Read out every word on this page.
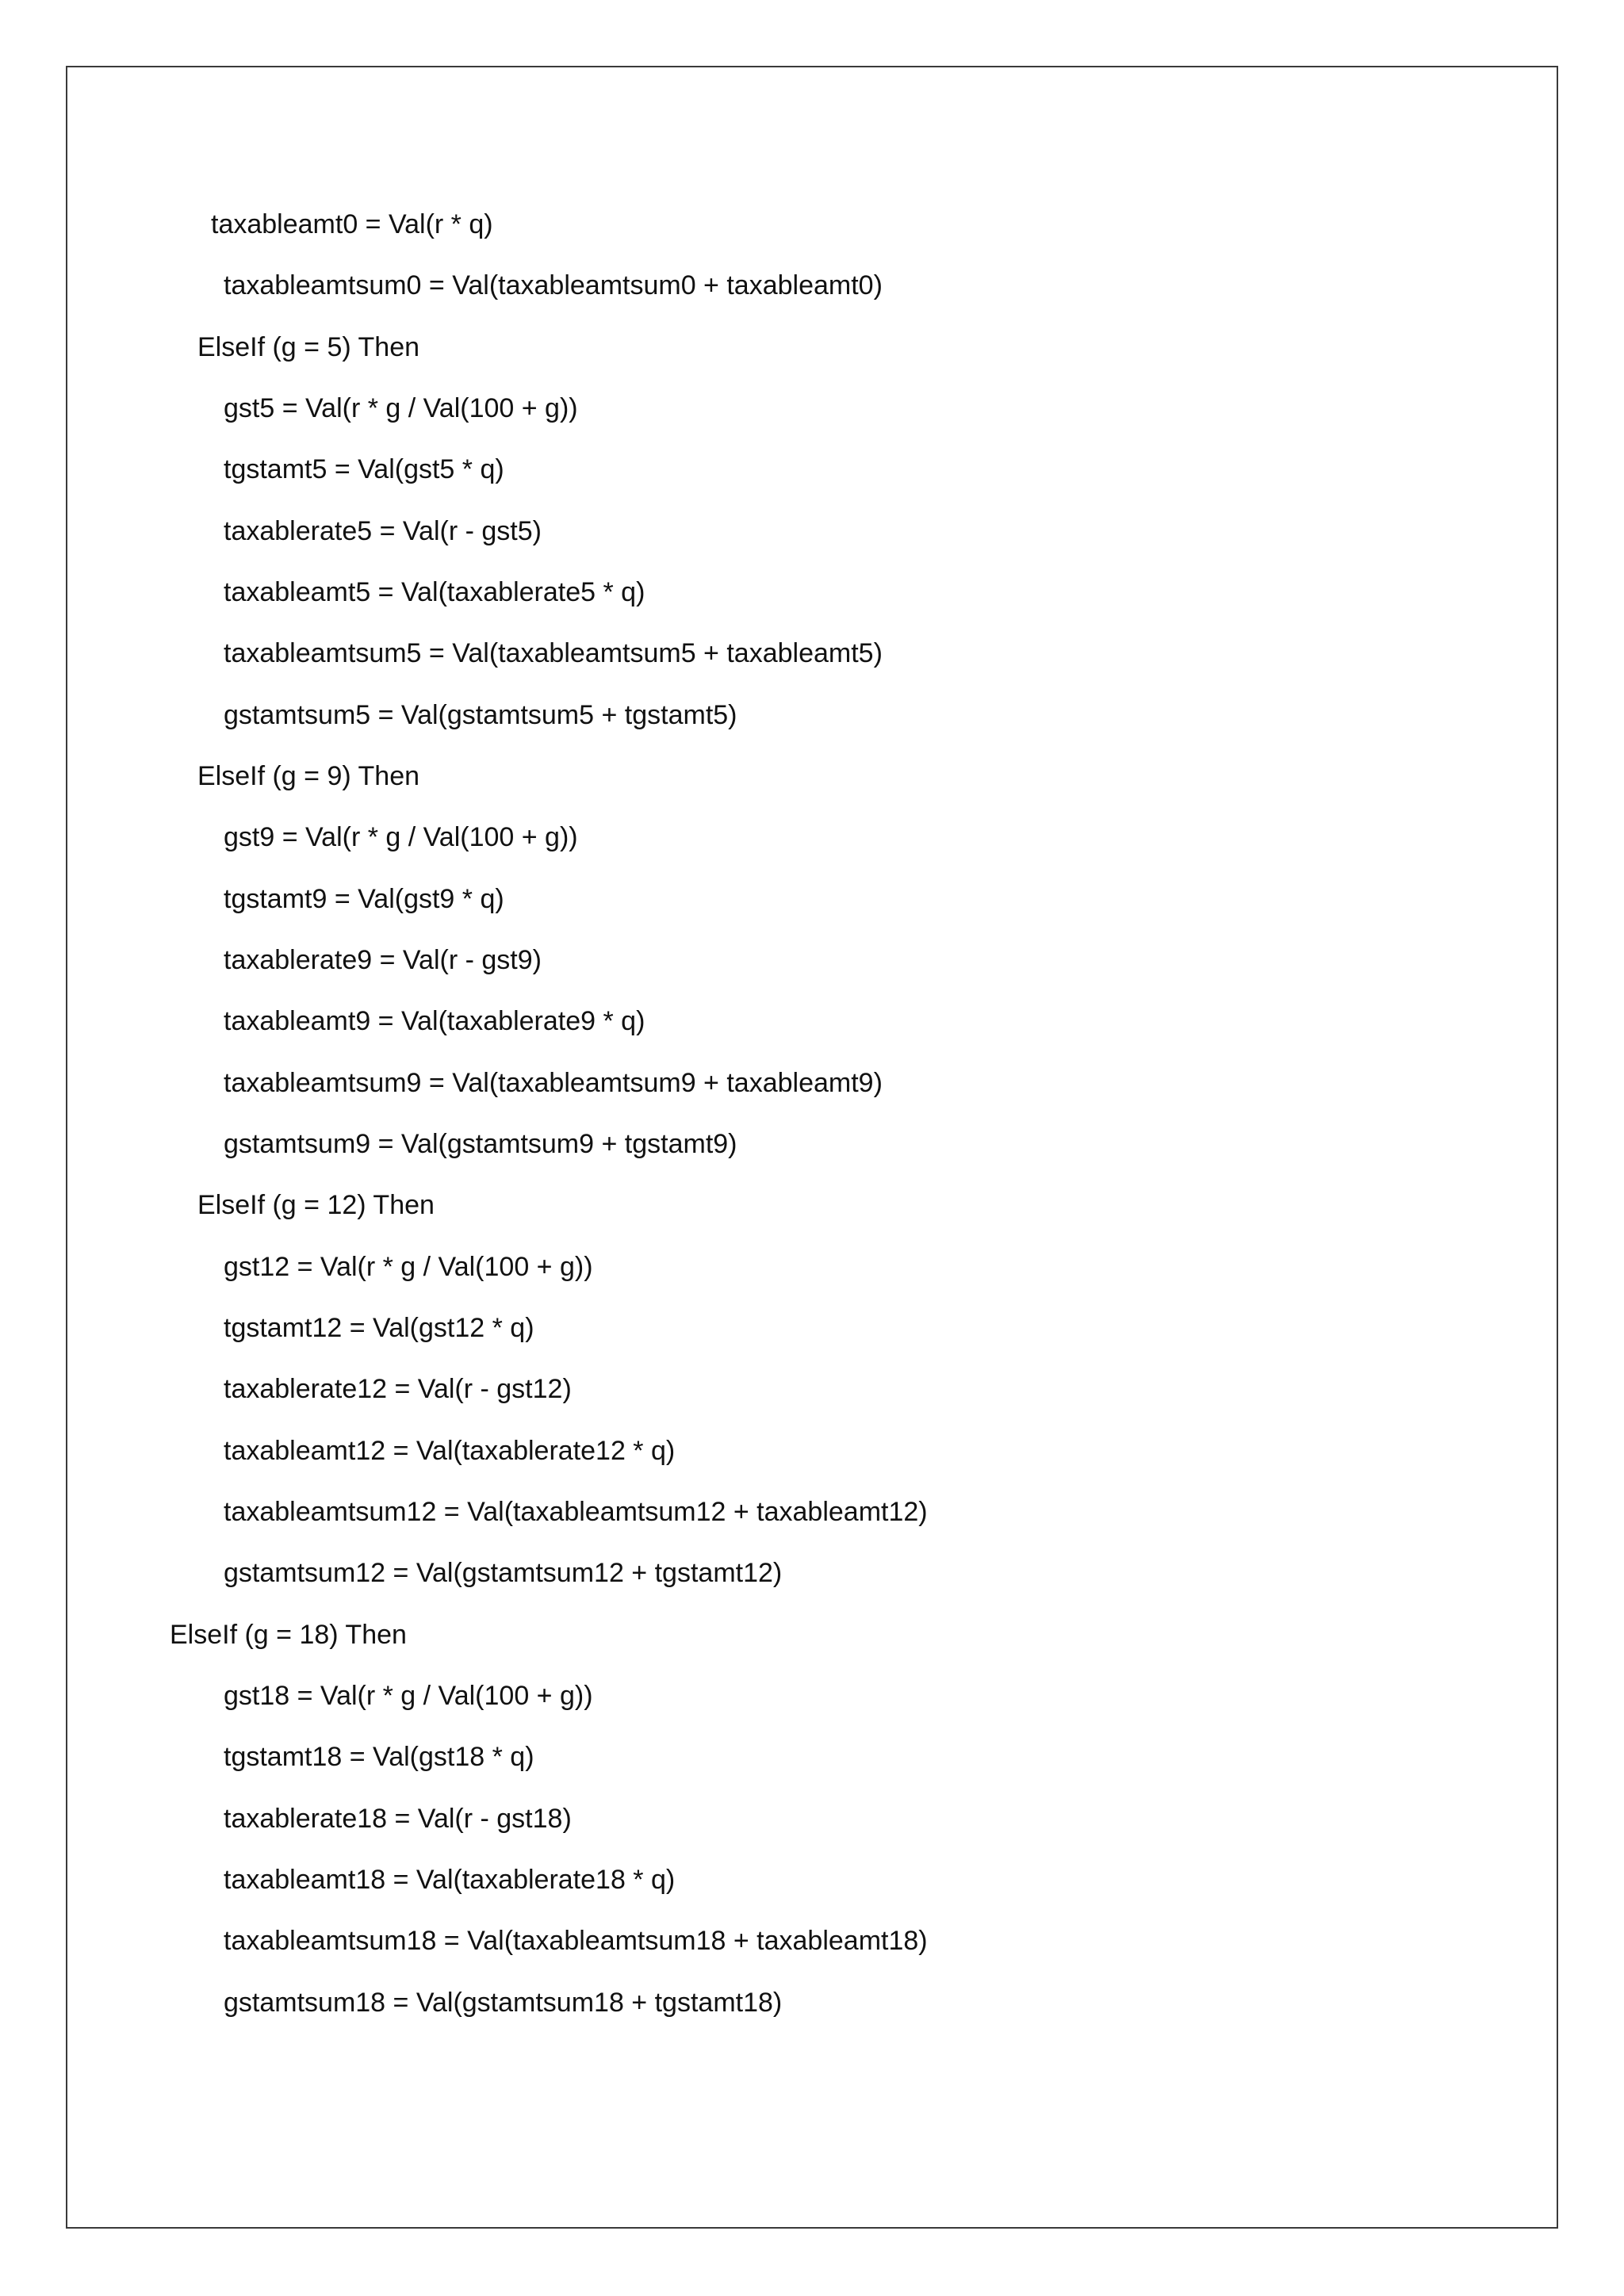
taxableamt0 = Val(r * q)
taxableamtsum0 = Val(taxableamtsum0 + taxableamt0)
ElseIf (g = 5) Then
gst5 = Val(r * g / Val(100 + g))
tgstamt5 = Val(gst5 * q)
taxablerate5 = Val(r - gst5)
taxableamt5 = Val(taxablerate5 * q)
taxableamtsum5 = Val(taxableamtsum5 + taxableamt5)
gstamtsum5 = Val(gstamtsum5 + tgstamt5)
ElseIf (g = 9) Then
gst9 = Val(r * g / Val(100 + g))
tgstamt9 = Val(gst9 * q)
taxablerate9 = Val(r - gst9)
taxableamt9 = Val(taxablerate9 * q)
taxableamtsum9 = Val(taxableamtsum9 + taxableamt9)
gstamtsum9 = Val(gstamtsum9 + tgstamt9)
ElseIf (g = 12) Then
gst12 = Val(r * g / Val(100 + g))
tgstamt12 = Val(gst12 * q)
taxablerate12 = Val(r - gst12)
taxableamt12 = Val(taxablerate12 * q)
taxableamtsum12 = Val(taxableamtsum12 + taxableamt12)
gstamtsum12 = Val(gstamtsum12 + tgstamt12)
ElseIf (g = 18) Then
gst18 = Val(r * g / Val(100 + g))
tgstamt18 = Val(gst18 * q)
taxablerate18 = Val(r - gst18)
taxableamt18 = Val(taxablerate18 * q)
taxableamtsum18 = Val(taxableamtsum18 + taxableamt18)
gstamtsum18 = Val(gstamtsum18 + tgstamt18)
